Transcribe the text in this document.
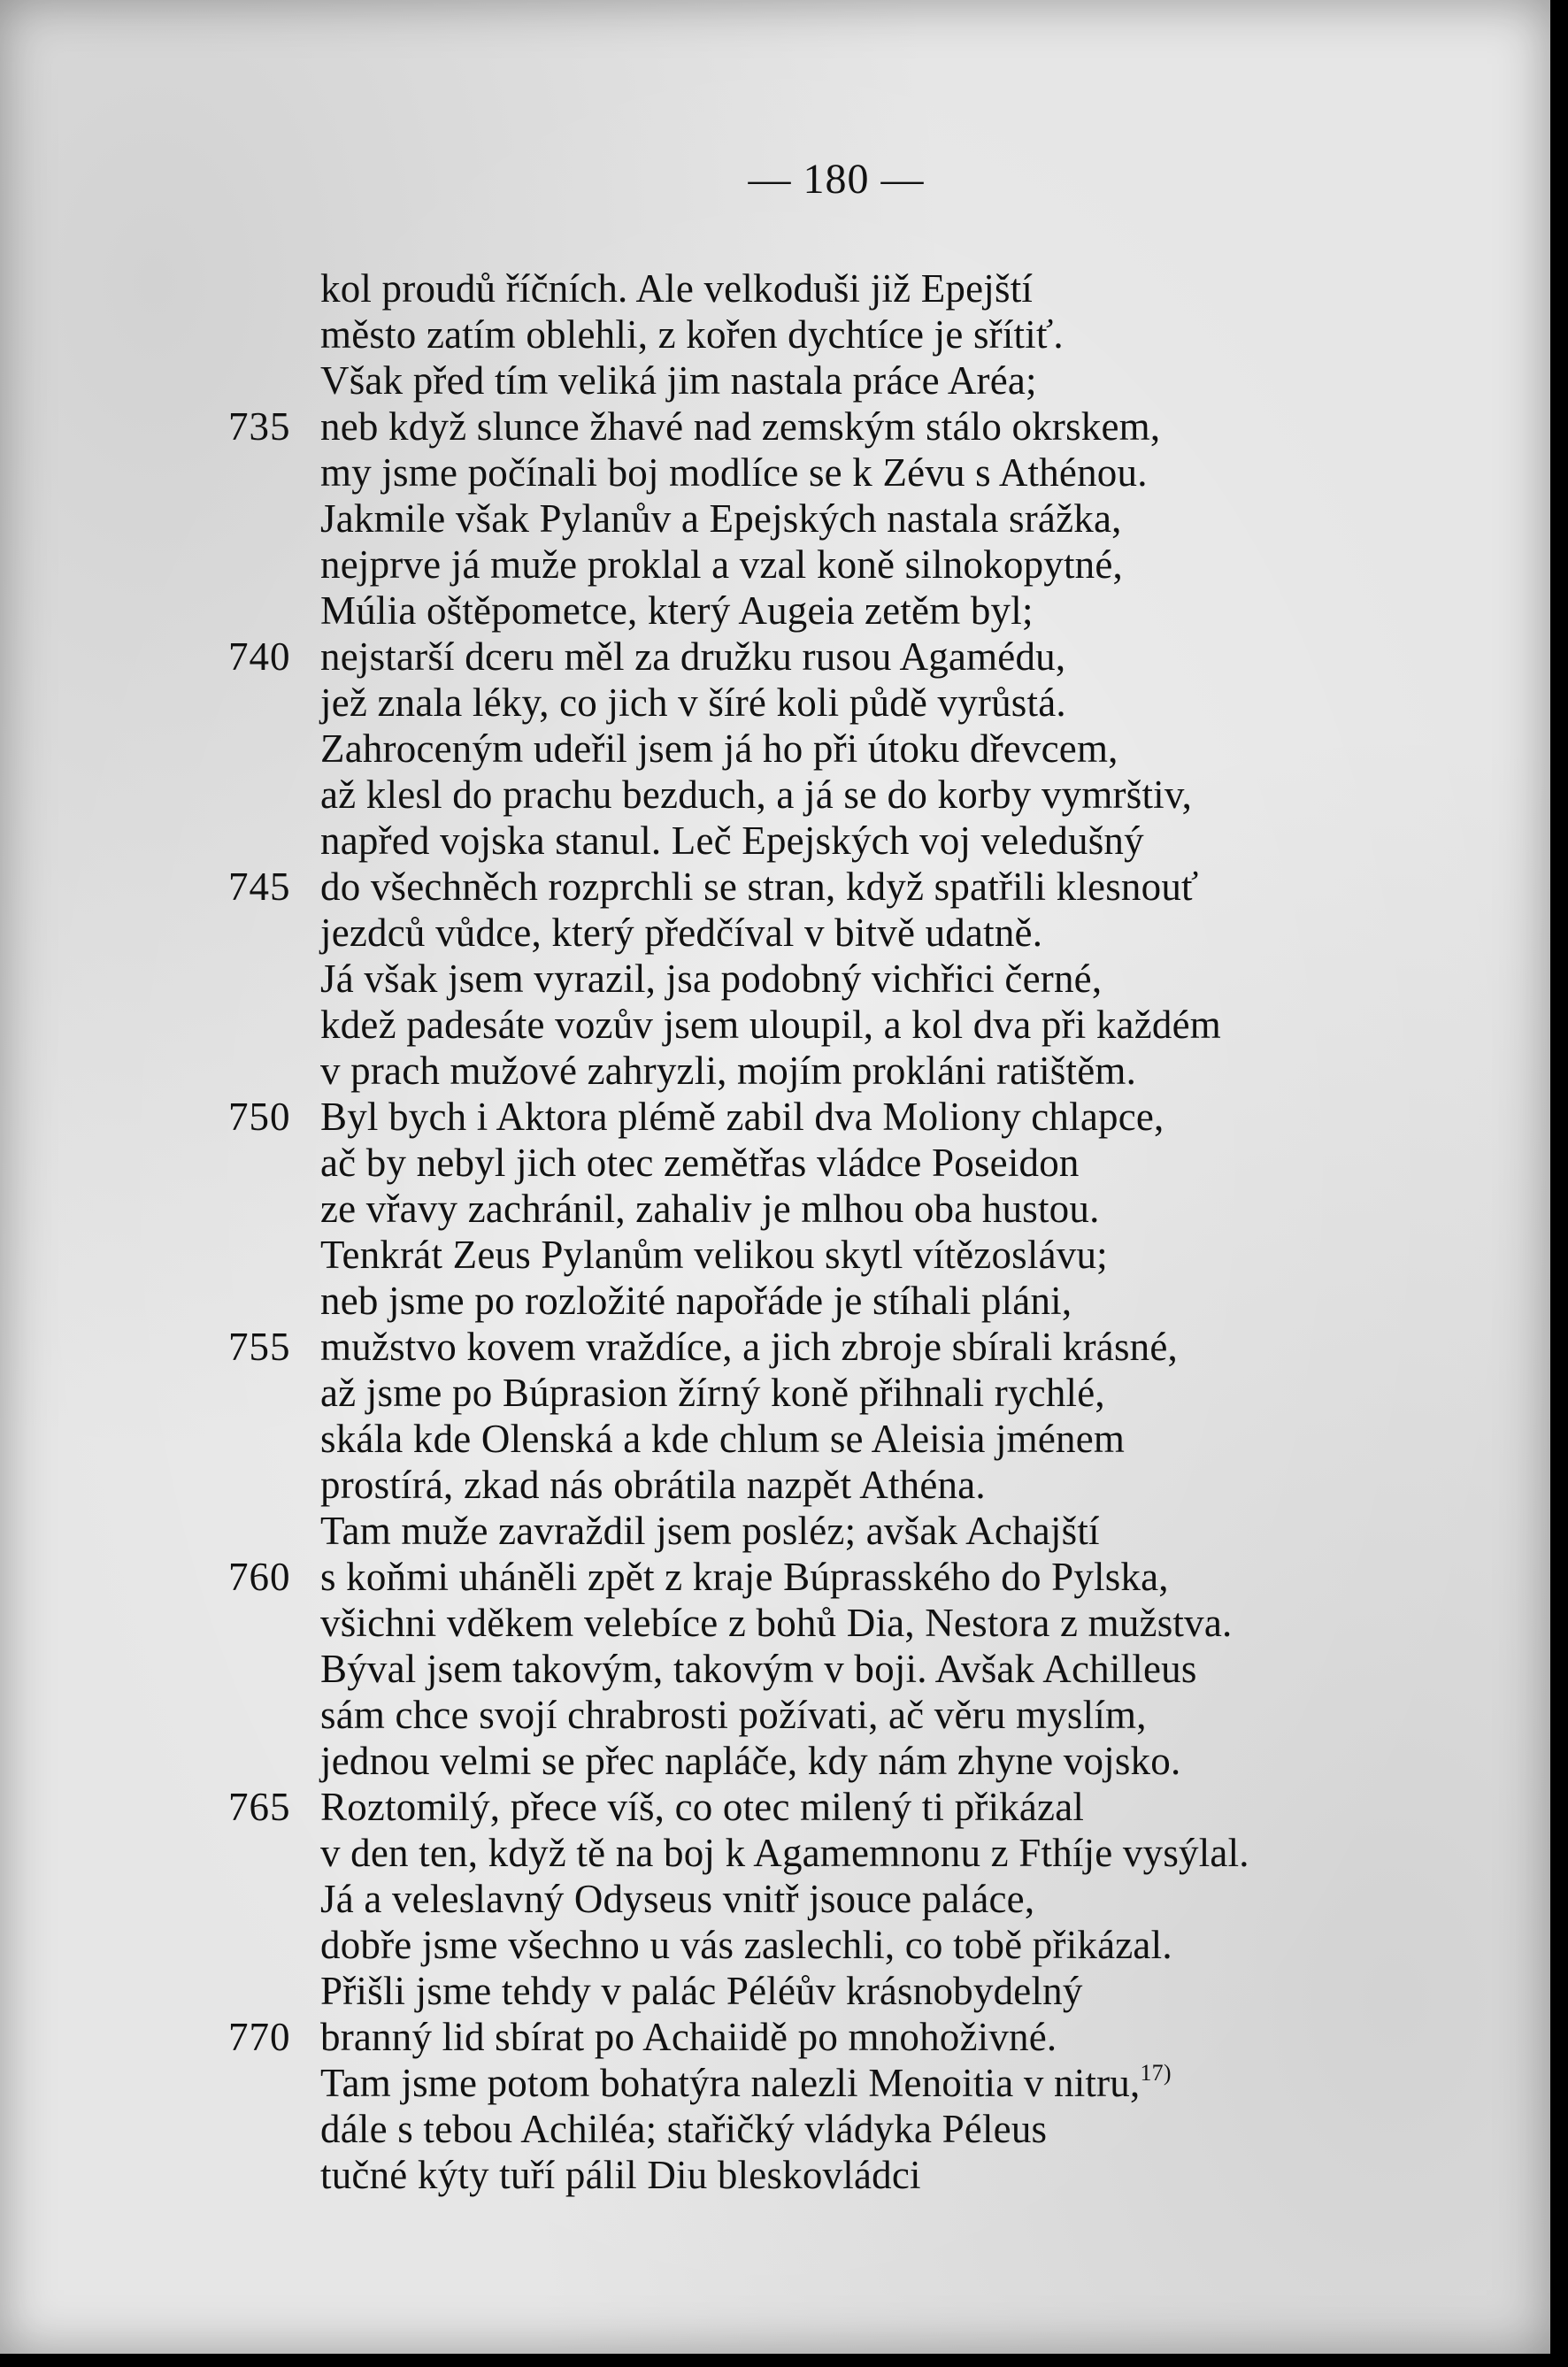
— 180 —
kol proudů říčních. Ale velkoduši již Epejští
město zatím oblehli, z kořen dychtíce je sřítiť.
Však před tím veliká jim nastala práce Aréa;
735 neb když slunce žhavé nad zemským stálo okrskem,
my jsme počínali boj modlíce se k Zévu s Athénou.
Jakmile však Pylanův a Epejských nastala srážka,
nejprve já muže proklal a vzal koně silnokopytné,
Múlia oštěpometce, který Augeia zetěm byl;
740 nejstarší dceru měl za družku rusou Agamédu,
jež znala léky, co jich v šíré koli půdě vyrůstá.
Zahroceným udeřil jsem já ho při útoku dřevcem,
až klesl do prachu bezduch, a já se do korby vymrštiv,
napřed vojska stanul. Leč Epejských voj veledušný
745 do všechněch rozprchli se stran, když spatřili klesnouť
jezdců vůdce, který předčíval v bitvě udatně.
Já však jsem vyrazil, jsa podobný vichřici černé,
kdež padesáte vozův jsem uloupil, a kol dva při každém
v prach mužové zahryzli, mojím prokláni ratištěm.
750 Byl bych i Aktora plémě zabil dva Moliony chlapce,
ač by nebyl jich otec zemětřas vládce Poseidon
ze vřavy zachránil, zahaliv je mlhou oba hustou.
Tenkrát Zeus Pylanům velikou skytl vítězoslávu;
neb jsme po rozložité napořáde je stíhali pláni,
755 mužstvo kovem vraždíce, a jich zbroje sbírali krásné,
až jsme po Búprasion žírný koně přihnali rychlé,
skála kde Olenská a kde chlum se Aleisia jménem
prostírá, zkad nás obrátila nazpět Athéna.
Tam muže zavraždil jsem posléz; avšak Achajští
760 s koňmi uháněli zpět z kraje Búprasského do Pylska,
všichni vděkem velebíce z bohů Dia, Nestora z mužstva.
Býval jsem takovým, takovým v boji. Avšak Achilleus
sám chce svojí chrabrosti požívati, ač věru myslím,
jednou velmi se přec napláče, kdy nám zhyne vojsko.
765 Roztomilý, přece víš, co otec milený ti přikázal
v den ten, když tě na boj k Agamemnonu z Fthíje vysýlal.
Já a veleslavný Odyseus vnitř jsouce paláce,
dobře jsme všechno u vás zaslechli, co tobě přikázal.
Přišli jsme tehdy v palác Péléův krásnobydelný
770 branný lid sbírat po Achaiidě po mnohoživné.
Tam jsme potom bohatýra nalezli Menoitia v nitru,$^{17)}$
dále s tebou Achiléa; stařičký vládyka Péleus
tučné kýty tuří pálil Diu bleskovládci
